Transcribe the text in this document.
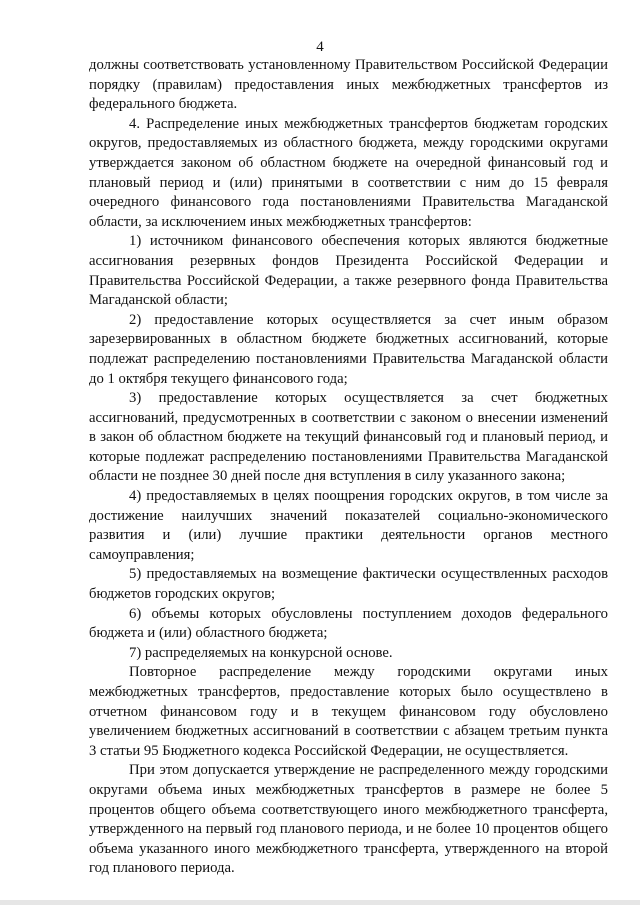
4

должны соответствовать установленному Правительством Российской Федерации порядку (правилам) предоставления иных межбюджетных трансфертов из федерального бюджета.

4. Распределение иных межбюджетных трансфертов бюджетам городских округов, предоставляемых из областного бюджета, между городскими округами утверждается законом об областном бюджете на очередной финансовый год и плановый период и (или) принятыми в соответствии с ним до 15 февраля очередного финансового года постановлениями Правительства Магаданской области, за исключением иных межбюджетных трансфертов:

1) источником финансового обеспечения которых являются бюджетные ассигнования резервных фондов Президента Российской Федерации и Правительства Российской Федерации, а также резервного фонда Правительства Магаданской области;

2) предоставление которых осуществляется за счет иным образом зарезервированных в областном бюджете бюджетных ассигнований, которые подлежат распределению постановлениями Правительства Магаданской области до 1 октября текущего финансового года;

3) предоставление которых осуществляется за счет бюджетных ассигнований, предусмотренных в соответствии с законом о внесении изменений в закон об областном бюджете на текущий финансовый год и плановый период, и которые подлежат распределению постановлениями Правительства Магаданской области не позднее 30 дней после дня вступления в силу указанного закона;

4) предоставляемых в целях поощрения городских округов, в том числе за достижение наилучших значений показателей социально-экономического развития и (или) лучшие практики деятельности органов местного самоуправления;

5) предоставляемых на возмещение фактически осуществленных расходов бюджетов городских округов;

6) объемы которых обусловлены поступлением доходов федерального бюджета и (или) областного бюджета;

7) распределяемых на конкурсной основе.

Повторное распределение между городскими округами иных межбюджетных трансфертов, предоставление которых было осуществлено в отчетном финансовом году и в текущем финансовом году обусловлено увеличением бюджетных ассигнований в соответствии с абзацем третьим пункта 3 статьи 95 Бюджетного кодекса Российской Федерации, не осуществляется.

При этом допускается утверждение не распределенного между городскими округами объема иных межбюджетных трансфертов в размере не более 5 процентов общего объема соответствующего иного межбюджетного трансферта, утвержденного на первый год планового периода, и не более 10 процентов общего объема указанного иного межбюджетного трансферта, утвержденного на второй год планового периода.
